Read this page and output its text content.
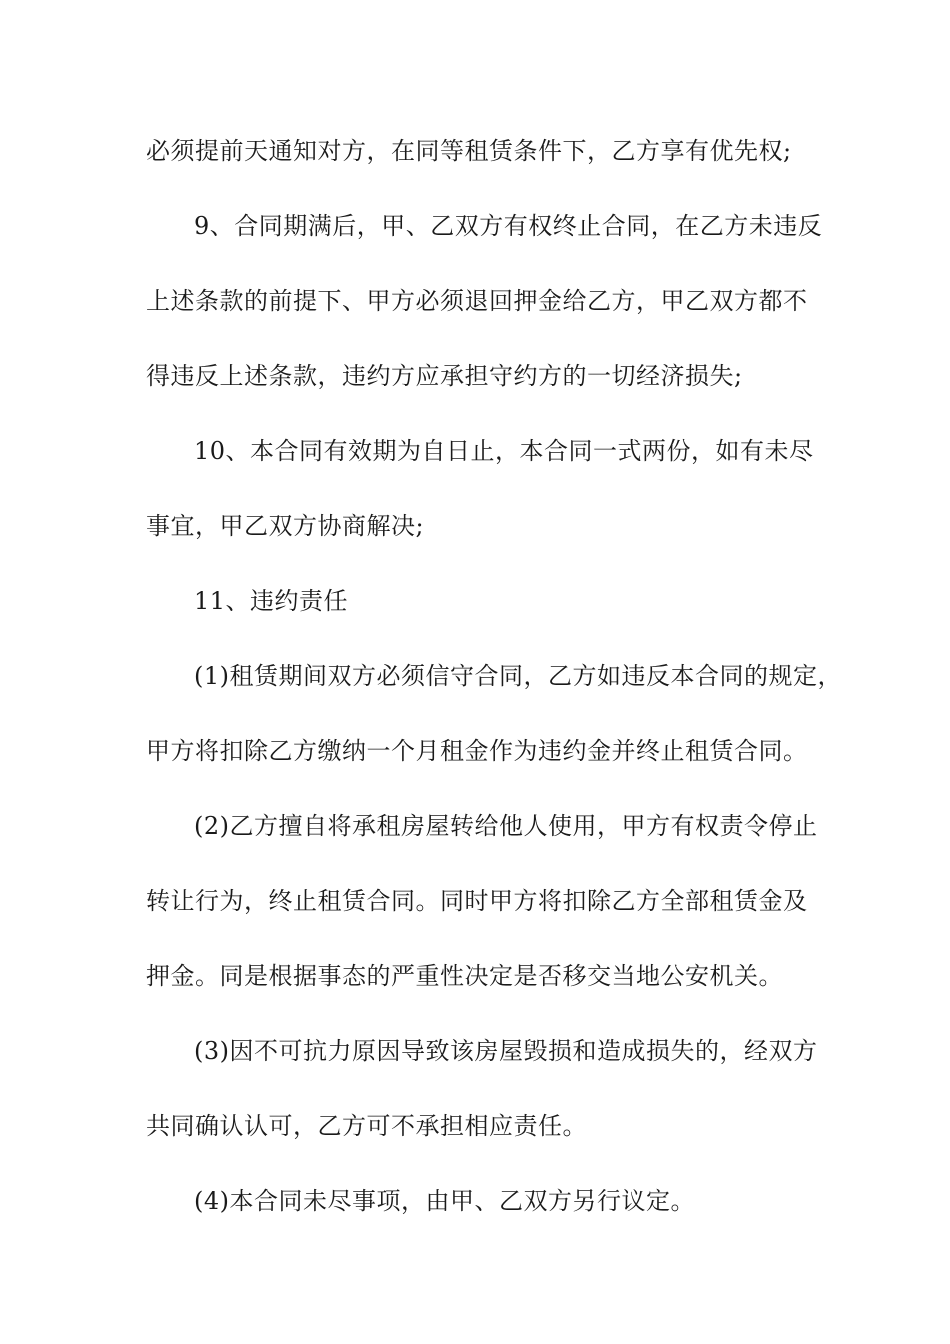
必须提前天通知对方，在同等租赁条件下，乙方享有优先权;
9、合同期满后，甲、乙双方有权终止合同，在乙方未违反
上述条款的前提下、甲方必须退回押金给乙方，甲乙双方都不
得违反上述条款，违约方应承担守约方的一切经济损失;
10、本合同有效期为自日止，本合同一式两份，如有未尽
事宜，甲乙双方协商解决;
11、违约责任
(1)租赁期间双方必须信守合同，乙方如违反本合同的规定，
甲方将扣除乙方缴纳一个月租金作为违约金并终止租赁合同。
(2)乙方擅自将承租房屋转给他人使用，甲方有权责令停止
转让行为，终止租赁合同。同时甲方将扣除乙方全部租赁金及
押金。同是根据事态的严重性决定是否移交当地公安机关。
(3)因不可抗力原因导致该房屋毁损和造成损失的，经双方
共同确认认可，乙方可不承担相应责任。
(4)本合同未尽事项，由甲、乙双方另行议定。
